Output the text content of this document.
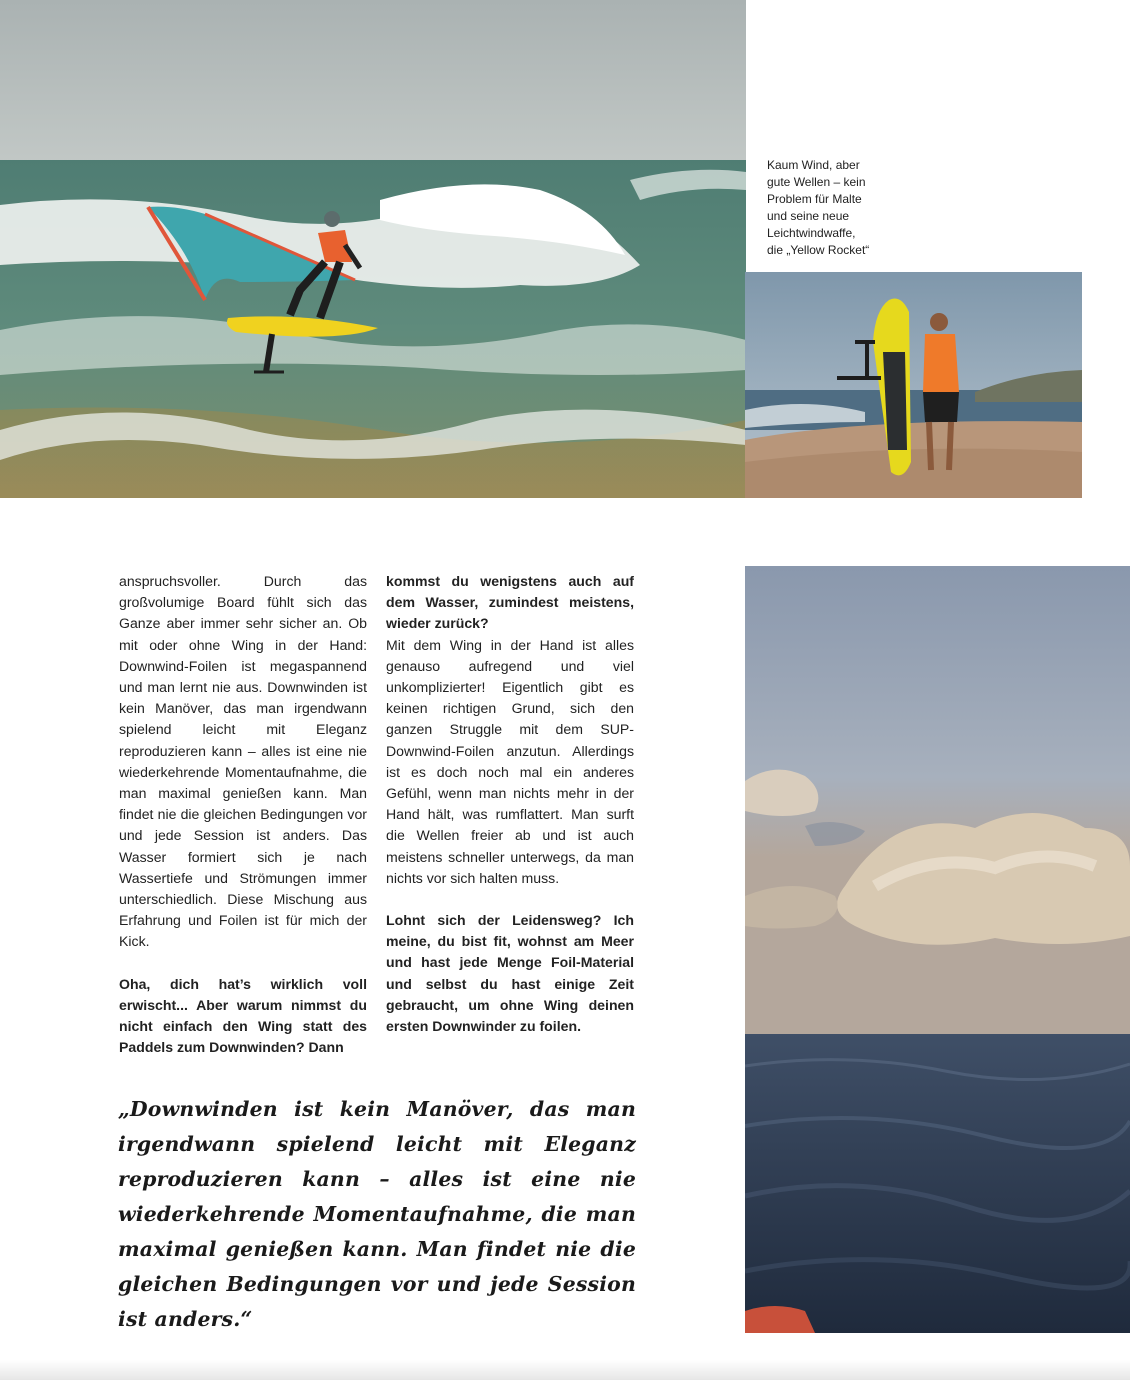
Kaum Wind, aber
gute Wellen – kein
Problem für Malte
und seine neue
Leichtwindwaffe,
die „Yellow Rocket“

anspruchsvoller. Durch das großvolumige Board fühlt sich das Ganze aber immer sehr sicher an. Ob mit oder ohne Wing in der Hand: Downwind-Foilen ist megaspannend und man lernt nie aus. Downwinden ist kein Manöver, das man irgendwann spielend leicht mit Eleganz reproduzieren kann – alles ist eine nie wiederkehrende Momentaufnahme, die man maximal genießen kann. Man findet nie die gleichen Bedingungen vor und jede Session ist anders. Das Wasser formiert sich je nach Wassertiefe und Strömungen immer unterschiedlich. Diese Mischung aus Erfahrung und Foilen ist für mich der Kick.

Oha, dich hat’s wirklich voll erwischt... Aber warum nimmst du nicht einfach den Wing statt des Paddels zum Downwinden? Dann

kommst du wenigstens auch auf dem Wasser, zumindest meistens, wieder zurück?

Mit dem Wing in der Hand ist alles genauso aufregend und viel unkomplizierter! Eigentlich gibt es keinen richtigen Grund, sich den ganzen Struggle mit dem SUP-Downwind-Foilen anzutun. Allerdings ist es doch noch mal ein anderes Gefühl, wenn man nichts mehr in der Hand hält, was rumflattert. Man surft die Wellen freier ab und ist auch meistens schneller unterwegs, da man nichts vor sich halten muss.

Lohnt sich der Leidensweg? Ich meine, du bist fit, wohnst am Meer und hast jede Menge Foil-Material und selbst du hast einige Zeit gebraucht, um ohne Wing deinen ersten Downwinder zu foilen.

„Downwinden ist kein Manöver, das man irgendwann spielend leicht mit Eleganz reproduzieren kann – alles ist eine nie wiederkehrende Momentaufnahme, die man maximal genießen kann. Man findet nie die gleichen Bedingungen vor und jede Session ist anders.“
